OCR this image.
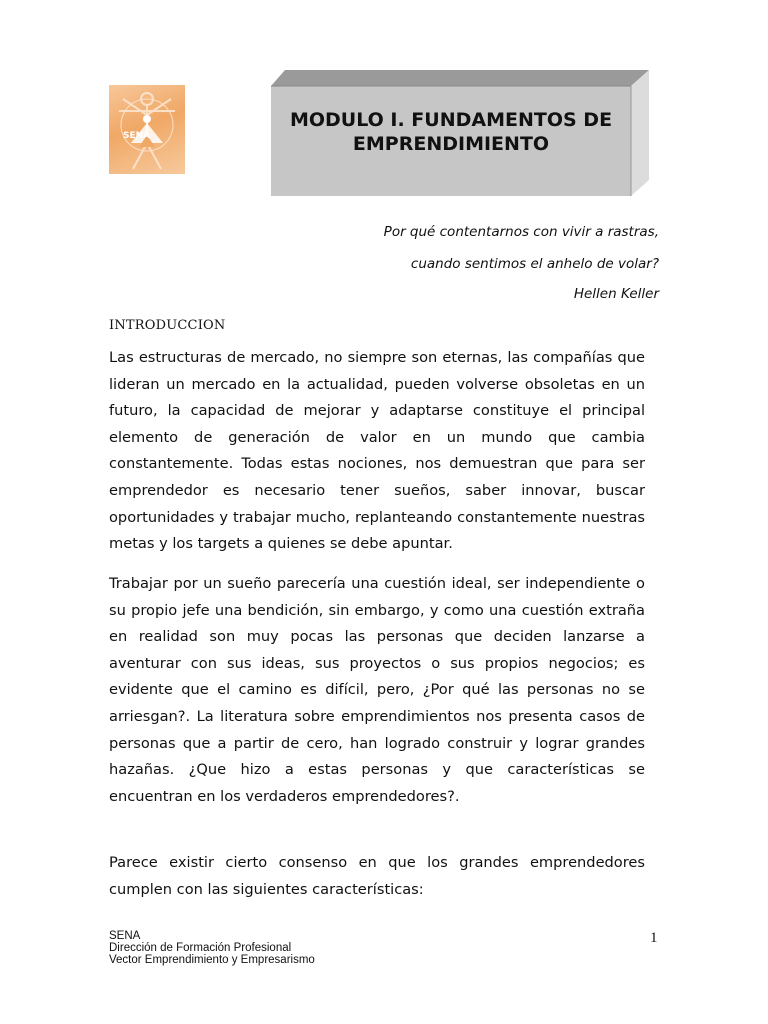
SENA
MODULO I. FUNDAMENTOS DE
EMPRENDIMIENTO
Por qué contentarnos con vivir a rastras,
cuando sentimos el anhelo de volar?
Hellen Keller
INTRODUCCION

Las estructuras de mercado, no siempre son eternas, las compañías que lideran un mercado en la actualidad, pueden volverse obsoletas en un futuro, la capacidad de mejorar y adaptarse constituye el principal elemento de generación de valor en un mundo que cambia constantemente. Todas estas nociones, nos demuestran que para ser emprendedor es necesario tener sueños, saber innovar, buscar oportunidades y trabajar mucho, replanteando constantemente nuestras metas y los targets a quienes se debe apuntar.

Trabajar por un sueño parecería una cuestión ideal, ser independiente o su propio jefe una bendición, sin embargo, y como una cuestión extraña en realidad son muy pocas las personas que deciden lanzarse a aventurar con sus ideas, sus proyectos o sus propios negocios; es evidente que el camino es difícil, pero, ¿Por qué las personas no se arriesgan?. La literatura sobre emprendimientos nos presenta casos de personas que a partir de cero, han logrado construir y lograr grandes hazañas. ¿Que hizo a estas personas y que características se encuentran en los verdaderos emprendedores?.

Parece existir cierto consenso en que los grandes emprendedores cumplen con las siguientes características:

SENA
Dirección de Formación Profesional
Vector Emprendimiento y Empresarismo
1
